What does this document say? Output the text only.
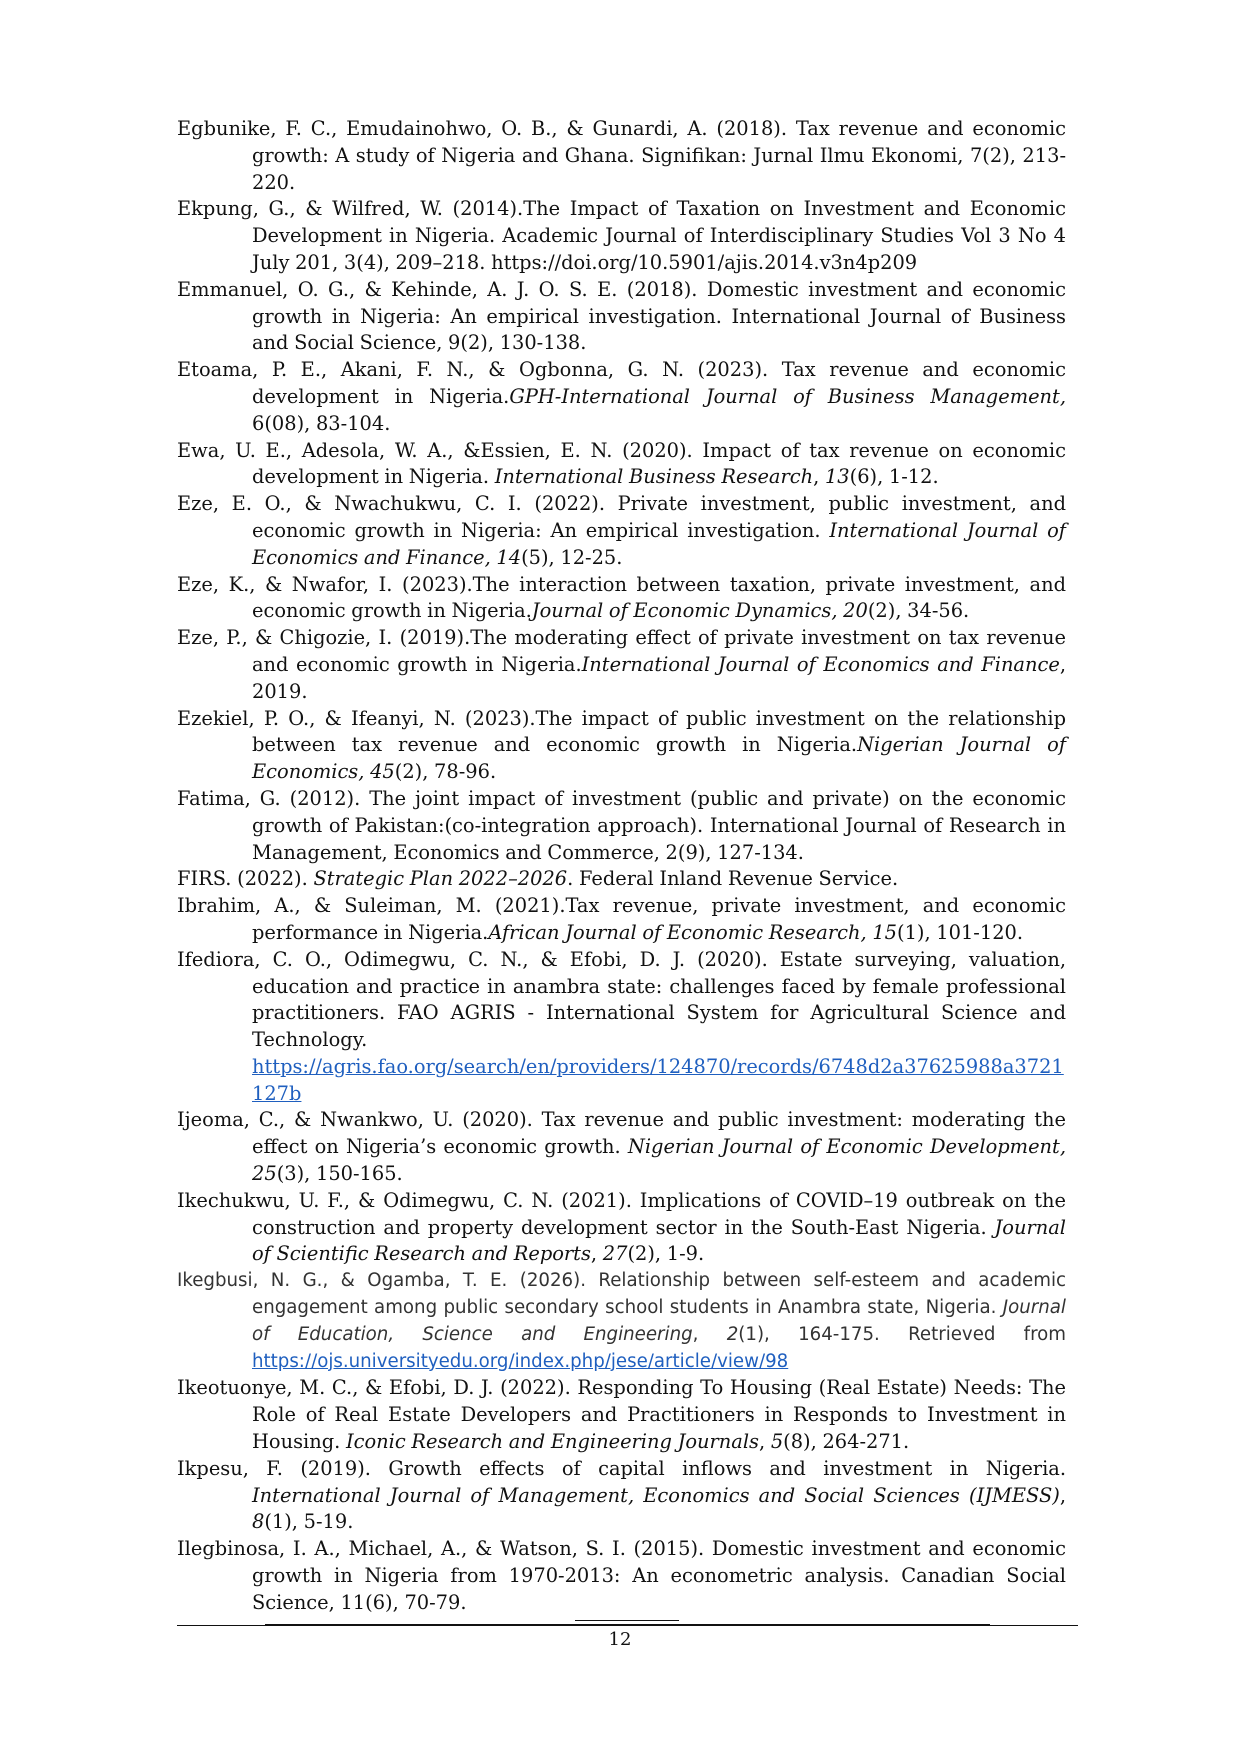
Egbunike, F. C., Emudainohwo, O. B., & Gunardi, A. (2018). Tax revenue and economic growth: A study of Nigeria and Ghana. Signifikan: Jurnal Ilmu Ekonomi, 7(2), 213-220.

Ekpung, G., & Wilfred, W. (2014).The Impact of Taxation on Investment and Economic Development in Nigeria. Academic Journal of Interdisciplinary Studies Vol 3 No 4 July 201, 3(4), 209–218. https://doi.org/10.5901/ajis.2014.v3n4p209

Emmanuel, O. G., & Kehinde, A. J. O. S. E. (2018). Domestic investment and economic growth in Nigeria: An empirical investigation. International Journal of Business and Social Science, 9(2), 130-138.

Etoama, P. E., Akani, F. N., & Ogbonna, G. N. (2023). Tax revenue and economic development in Nigeria.GPH-International Journal of Business Management, 6(08), 83-104.

Ewa, U. E., Adesola, W. A., &Essien, E. N. (2020). Impact of tax revenue on economic development in Nigeria. International Business Research, 13(6), 1-12.

Eze, E. O., & Nwachukwu, C. I. (2022). Private investment, public investment, and economic growth in Nigeria: An empirical investigation. International Journal of Economics and Finance, 14(5), 12-25.

Eze, K., & Nwafor, I. (2023).The interaction between taxation, private investment, and economic growth in Nigeria.Journal of Economic Dynamics, 20(2), 34-56.

Eze, P., & Chigozie, I. (2019).The moderating effect of private investment on tax revenue and economic growth in Nigeria.International Journal of Economics and Finance, 2019.

Ezekiel, P. O., & Ifeanyi, N. (2023).The impact of public investment on the relationship between tax revenue and economic growth in Nigeria.Nigerian Journal of Economics, 45(2), 78-96.

Fatima, G. (2012). The joint impact of investment (public and private) on the economic growth of Pakistan:(co-integration approach). International Journal of Research in Management, Economics and Commerce, 2(9), 127-134.

FIRS. (2022). Strategic Plan 2022–2026. Federal Inland Revenue Service.

Ibrahim, A., & Suleiman, M. (2021).Tax revenue, private investment, and economic performance in Nigeria.African Journal of Economic Research, 15(1), 101-120.

Ifediora, C. O., Odimegwu, C. N., & Efobi, D. J. (2020). Estate surveying, valuation, education and practice in anambra state: challenges faced by female professional practitioners. FAO AGRIS - International System for Agricultural Science and Technology.
https://agris.fao.org/search/en/providers/124870/records/6748d2a37625988a3721127b

Ijeoma, C., & Nwankwo, U. (2020). Tax revenue and public investment: moderating the effect on Nigeria’s economic growth. Nigerian Journal of Economic Development, 25(3), 150-165.

Ikechukwu, U. F., & Odimegwu, C. N. (2021). Implications of COVID–19 outbreak on the construction and property development sector in the South-East Nigeria. Journal of Scientific Research and Reports, 27(2), 1-9.

Ikegbusi, N. G., & Ogamba, T. E. (2026). Relationship between self-esteem and academic engagement among public secondary school students in Anambra state, Nigeria. Journal of Education, Science and Engineering, 2(1), 164-175. Retrieved from https://ojs.universityedu.org/index.php/jese/article/view/98

Ikeotuonye, M. C., & Efobi, D. J. (2022). Responding To Housing (Real Estate) Needs: The Role of Real Estate Developers and Practitioners in Responds to Investment in Housing. Iconic Research and Engineering Journals, 5(8), 264-271.

Ikpesu, F. (2019). Growth effects of capital inflows and investment in Nigeria. International Journal of Management, Economics and Social Sciences (IJMESS), 8(1), 5-19.

Ilegbinosa, I. A., Michael, A., & Watson, S. I. (2015). Domestic investment and economic growth in Nigeria from 1970-2013: An econometric analysis. Canadian Social Science, 11(6), 70-79.

12
